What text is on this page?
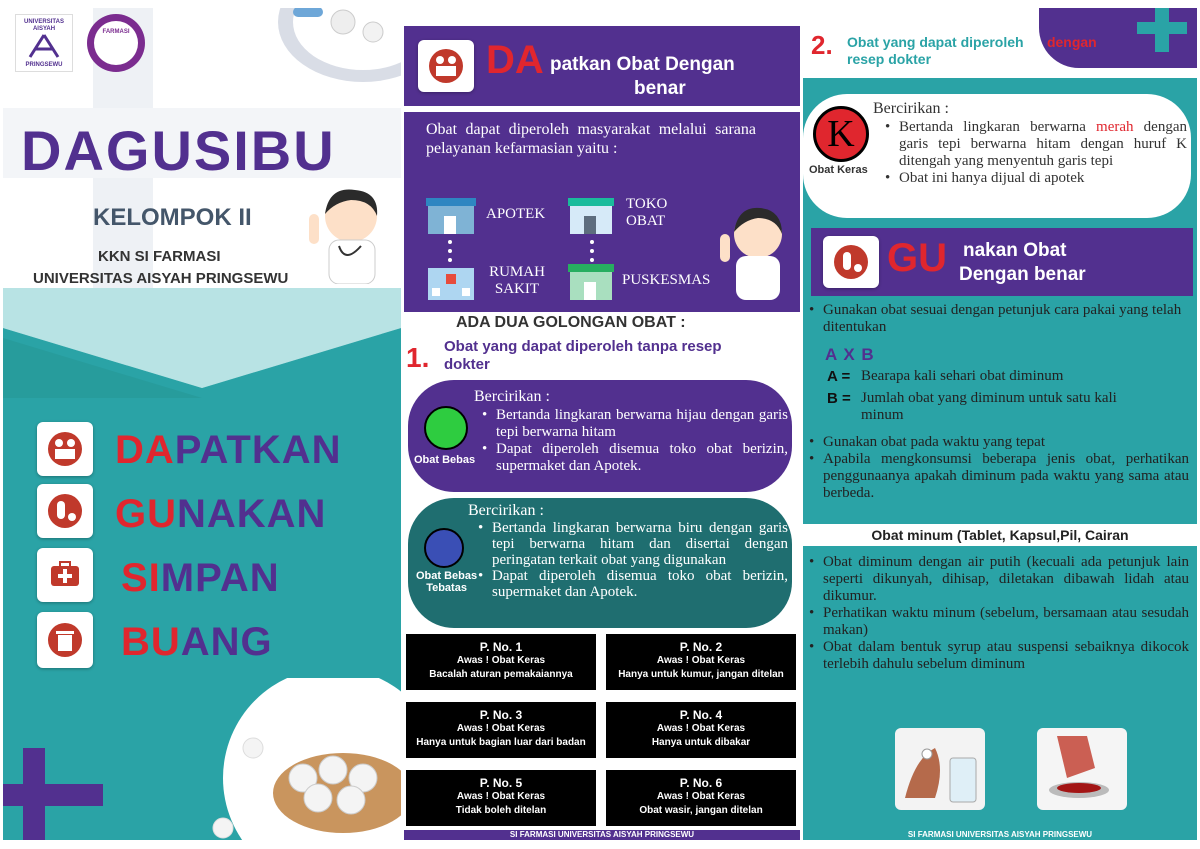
UNIVERSITAS
AISYAH
PRINGSEWU
FARMASI
DAGUSIBU
KELOMPOK II
KKN SI FARMASI
UNIVERSITAS AISYAH PRINGSEWU
DAPATKAN
GUNAKAN
SIMPAN
BUANG
DA patkan Obat Dengan
benar
Obat dapat diperoleh masyarakat melalui sarana pelayanan kefarmasian yaitu :
APOTEK
TOKO OBAT
RUMAH SAKIT
PUSKESMAS
ADA DUA GOLONGAN OBAT :
1. Obat yang dapat diperoleh tanpa resep dokter
Obat Bebas
Bercirikan :
• Bertanda lingkaran berwarna hijau dengan garis tepi berwarna hitam
• Dapat diperoleh disemua toko obat berizin, supermaket dan Apotek.
Obat Bebas
Tebatas
Bercirikan :
• Bertanda lingkaran berwarna biru dengan garis tepi berwarna hitam dan disertai dengan peringatan terkait obat yang digunakan
• Dapat diperoleh disemua toko obat berizin, supermaket dan Apotek.
P. No. 1
Awas ! Obat Keras
Bacalah aturan pemakaiannya
P. No. 2
Awas ! Obat Keras
Hanya untuk kumur, jangan ditelan
P. No. 3
Awas ! Obat Keras
Hanya untuk bagian luar dari badan
P. No. 4
Awas ! Obat Keras
Hanya untuk dibakar
P. No. 5
Awas ! Obat Keras
Tidak boleh ditelan
P. No. 6
Awas ! Obat Keras
Obat wasir, jangan ditelan
SI FARMASI UNIVERSITAS AISYAH PRINGSEWU
2. Obat yang dapat diperoleh dengan
resep dokter
K
Obat Keras
Bercirikan :
• Bertanda lingkaran berwarna merah dengan garis tepi berwarna hitam dengan huruf K ditengah yang menyentuh garis tepi
• Obat ini hanya dijual di apotek
GU nakan Obat
Dengan benar
• Gunakan obat sesuai dengan petunjuk cara pakai yang telah ditentukan
A X B
A = Bearapa kali sehari obat diminum
B = Jumlah obat yang diminum untuk satu kali minum
• Gunakan obat pada waktu yang tepat
• Apabila mengkonsumsi beberapa jenis obat, perhatikan penggunaanya apakah diminum pada waktu yang sama atau berbeda.
Obat minum (Tablet, Kapsul,Pil, Cairan
• Obat diminum dengan air putih (kecuali ada petunjuk lain seperti dikunyah, dihisap, diletakan dibawah lidah atau dikumur.
• Perhatikan waktu minum (sebelum, bersamaan atau sesudah makan)
• Obat dalam bentuk syrup atau suspensi sebaiknya dikocok terlebih dahulu sebelum diminum
SI FARMASI UNIVERSITAS AISYAH PRINGSEWU
